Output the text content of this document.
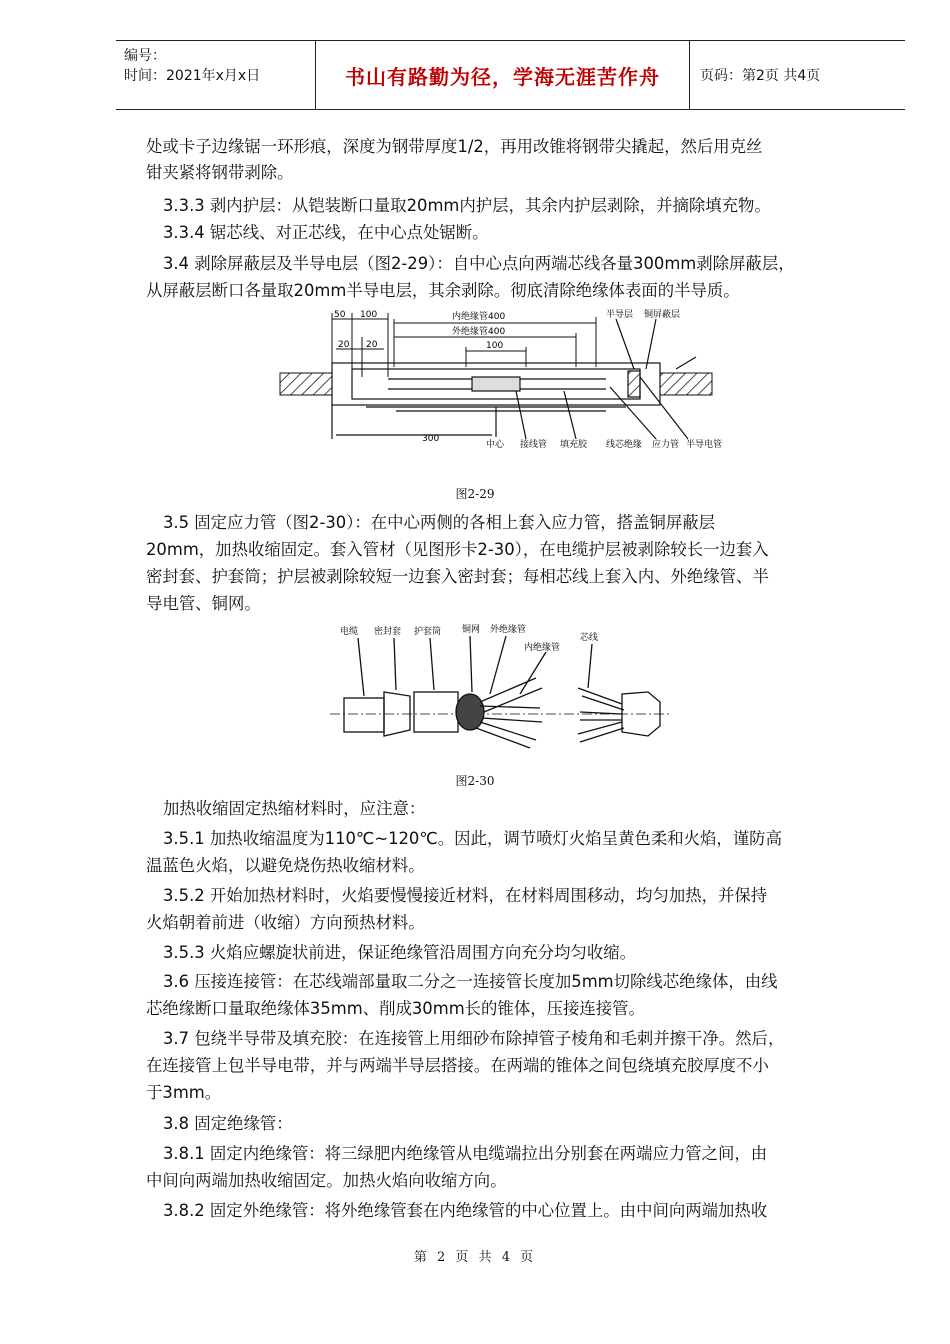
编号：
时间：2021年x月x日	书山有路勤为径，学海无涯苦作舟	页码：第2页 共4页

处或卡子边缘锯一环形痕，深度为钢带厚度1/2，再用改锥将钢带尖撬起，然后用克丝

钳夹紧将钢带剥除。

3.3.3 剥内护层：从铠装断口量取20mm内护层，其余内护层剥除，并摘除填充物。

3.3.4 锯芯线、对正芯线，在中心点处锯断。

3.4 剥除屏蔽层及半导电层（图2-29）：自中心点向两端芯线各量300mm剥除屏蔽层，

从屏蔽层断口各量取20mm半导电层，其余剥除。彻底清除绝缘体表面的半导质。

50 100
20 20
内绝缘管400
外绝缘管400
100
300
半导层 铜屏蔽层
中心 接线管 填充胶 线芯绝缘 应力管 半导电管
图2-29

3.5 固定应力管（图2-30）：在中心两侧的各相上套入应力管，搭盖铜屏蔽层

20mm，加热收缩固定。套入管材（见图形卡2-30），在电缆护层被剥除较长一边套入

密封套、护套筒；护层被剥除较短一边套入密封套；每相芯线上套入内、外绝缘管、半

导电管、铜网。

电缆 密封套 护套筒 铜网 外绝缘管
内绝缘管
芯线
图2-30

加热收缩固定热缩材料时，应注意：

3.5.1 加热收缩温度为110℃~120℃。因此，调节喷灯火焰呈黄色柔和火焰，谨防高

温蓝色火焰，以避免烧伤热收缩材料。

3.5.2 开始加热材料时，火焰要慢慢接近材料，在材料周围移动，均匀加热，并保持

火焰朝着前进（收缩）方向预热材料。

3.5.3 火焰应螺旋状前进，保证绝缘管沿周围方向充分均匀收缩。

3.6 压接连接管：在芯线端部量取二分之一连接管长度加5mm切除线芯绝缘体，由线

芯绝缘断口量取绝缘体35mm、削成30mm长的锥体，压接连接管。

3.7 包绕半导带及填充胶：在连接管上用细砂布除掉管子棱角和毛刺并擦干净。然后，

在连接管上包半导电带，并与两端半导层搭接。在两端的锥体之间包绕填充胶厚度不小

于3mm。

3.8 固定绝缘管：

3.8.1 固定内绝缘管：将三绿肥内绝缘管从电缆端拉出分别套在两端应力管之间，由

中间向两端加热收缩固定。加热火焰向收缩方向。

3.8.2 固定外绝缘管：将外绝缘管套在内绝缘管的中心位置上。由中间向两端加热收

第 2 页 共 4 页
